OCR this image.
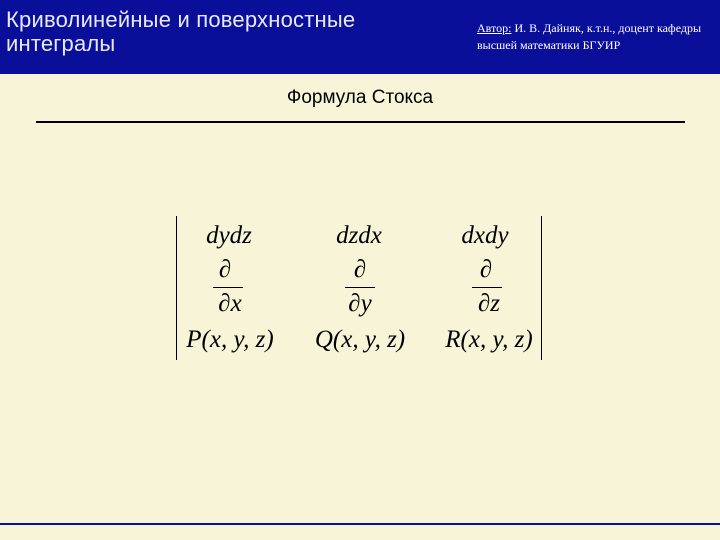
Криволинейные и поверхностные интегралы
Автор: И. В. Дайняк, к.т.н., доцент кафедры высшей математики БГУИР
Формула Стокса
dydz	dzdx	dxdy
∂	∂	∂
∂x	∂y	∂z
P(x, y, z)	Q(x, y, z)	R(x, y, z)
